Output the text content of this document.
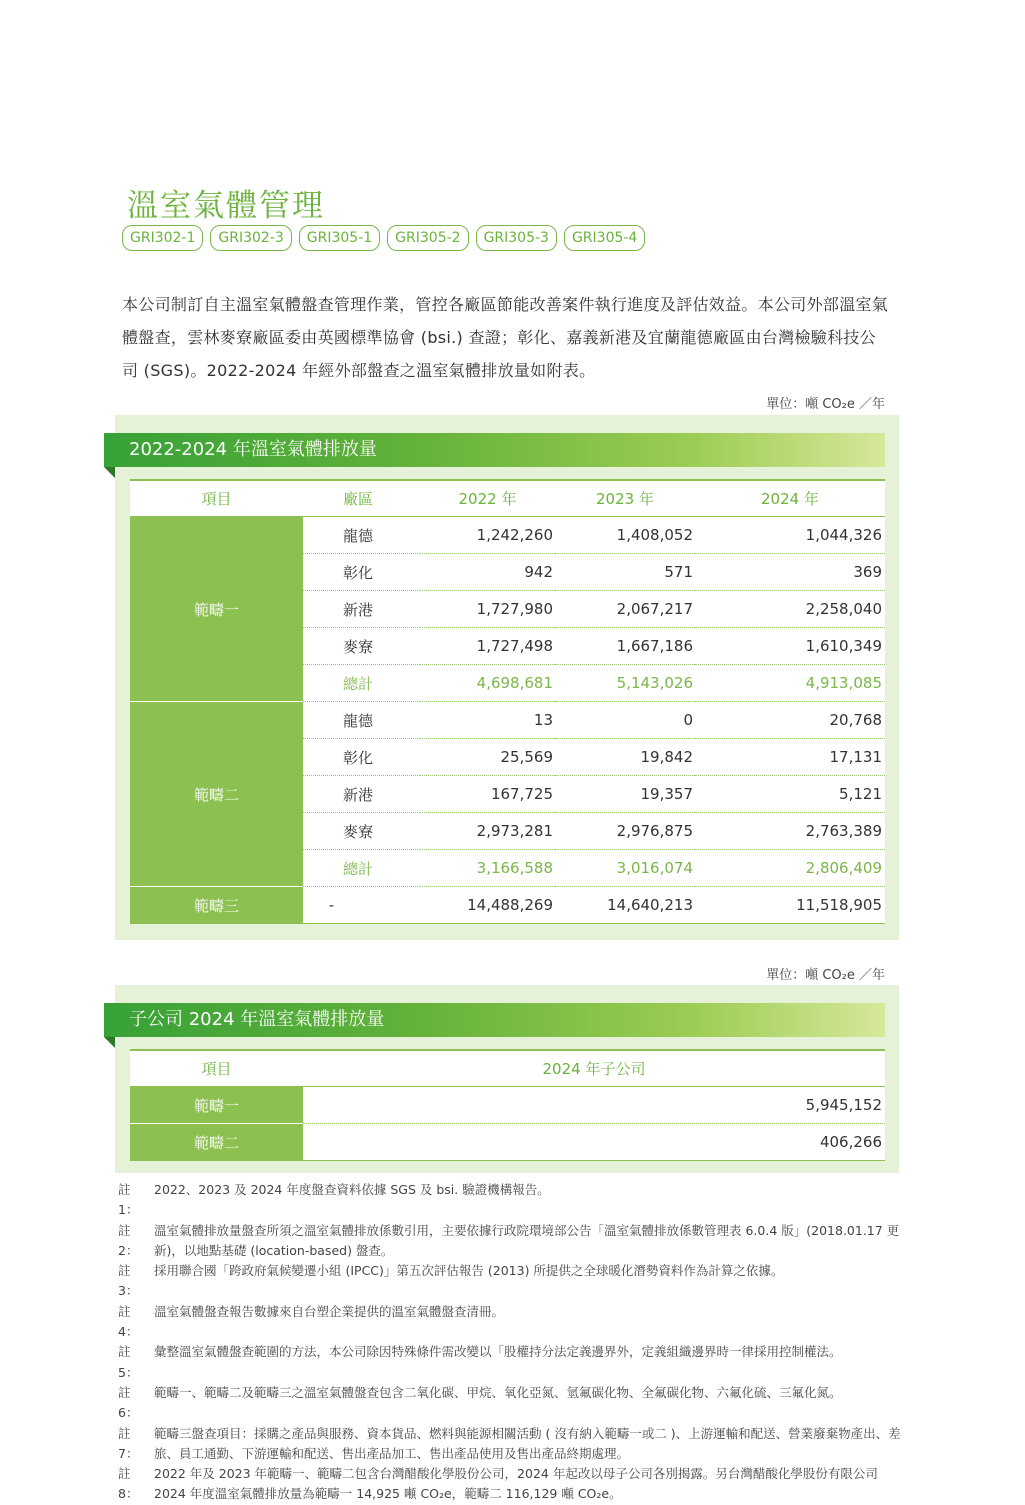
溫室氣體管理
GRI302-1	GRI302-3	GRI305-1	GRI305-2	GRI305-3	GRI305-4
本公司制訂自主溫室氣體盤查管理作業，管控各廠區節能改善案件執行進度及評估效益。本公司外部溫室氣體盤查，雲林麥寮廠區委由英國標準協會 (bsi.) 查證；彰化、嘉義新港及宜蘭龍德廠區由台灣檢驗科技公司 (SGS)。2022-2024 年經外部盤查之溫室氣體排放量如附表。
單位：噸 CO₂e ／年
2022-2024 年溫室氣體排放量
項目	廠區	2022 年	2023 年	2024 年
範疇一	龍德	1,242,260	1,408,052	1,044,326
	彰化	942	571	369
	新港	1,727,980	2,067,217	2,258,040
	麥寮	1,727,498	1,667,186	1,610,349
	總計	4,698,681	5,143,026	4,913,085
範疇二	龍德	13	0	20,768
	彰化	25,569	19,842	17,131
	新港	167,725	19,357	5,121
	麥寮	2,973,281	2,976,875	2,763,389
	總計	3,166,588	3,016,074	2,806,409
範疇三	-	14,488,269	14,640,213	11,518,905
單位：噸 CO₂e ／年
子公司 2024 年溫室氣體排放量
項目	2024 年子公司
範疇一	5,945,152
範疇二	406,266
註 1：
2022、2023 及 2024 年度盤查資料依據 SGS 及 bsi. 驗證機構報告。
註 2：
溫室氣體排放量盤查所須之溫室氣體排放係數引用，主要依據行政院環境部公告「溫室氣體排放係數管理表 6.0.4 版」(2018.01.17 更新)，以地點基礎 (location-based) 盤查。
註 3：
採用聯合國「跨政府氣候變遷小組 (IPCC)」第五次評估報告 (2013) 所提供之全球暖化潛勢資料作為計算之依據。
註 4：
溫室氣體盤查報告數據來自台塑企業提供的溫室氣體盤查清冊。
註 5：
彙整溫室氣體盤查範圍的方法，本公司除因特殊條件需改變以「股權持分法定義邊界外，定義組織邊界時一律採用控制權法。
註 6：
範疇一、範疇二及範疇三之溫室氣體盤查包含二氧化碳、甲烷、氧化亞氮、氫氟碳化物、全氟碳化物、六氟化硫、三氟化氮。
註 7：
範疇三盤查項目：採購之產品與服務、資本貨品、燃料與能源相關活動 ( 沒有納入範疇一或二 )、上游運輸和配送、營業廢棄物產出、差旅、員工通勤、下游運輸和配送、售出產品加工、售出產品使用及售出產品終期處理。
註 8：
2022 年及 2023 年範疇一、範疇二包含台灣醋酸化學股份公司，2024 年起改以母子公司各別揭露。另台灣醋酸化學股份有限公司 2024 年度溫室氣體排放量為範疇一 14,925 噸 CO₂e，範疇二 116,129 噸 CO₂e。
